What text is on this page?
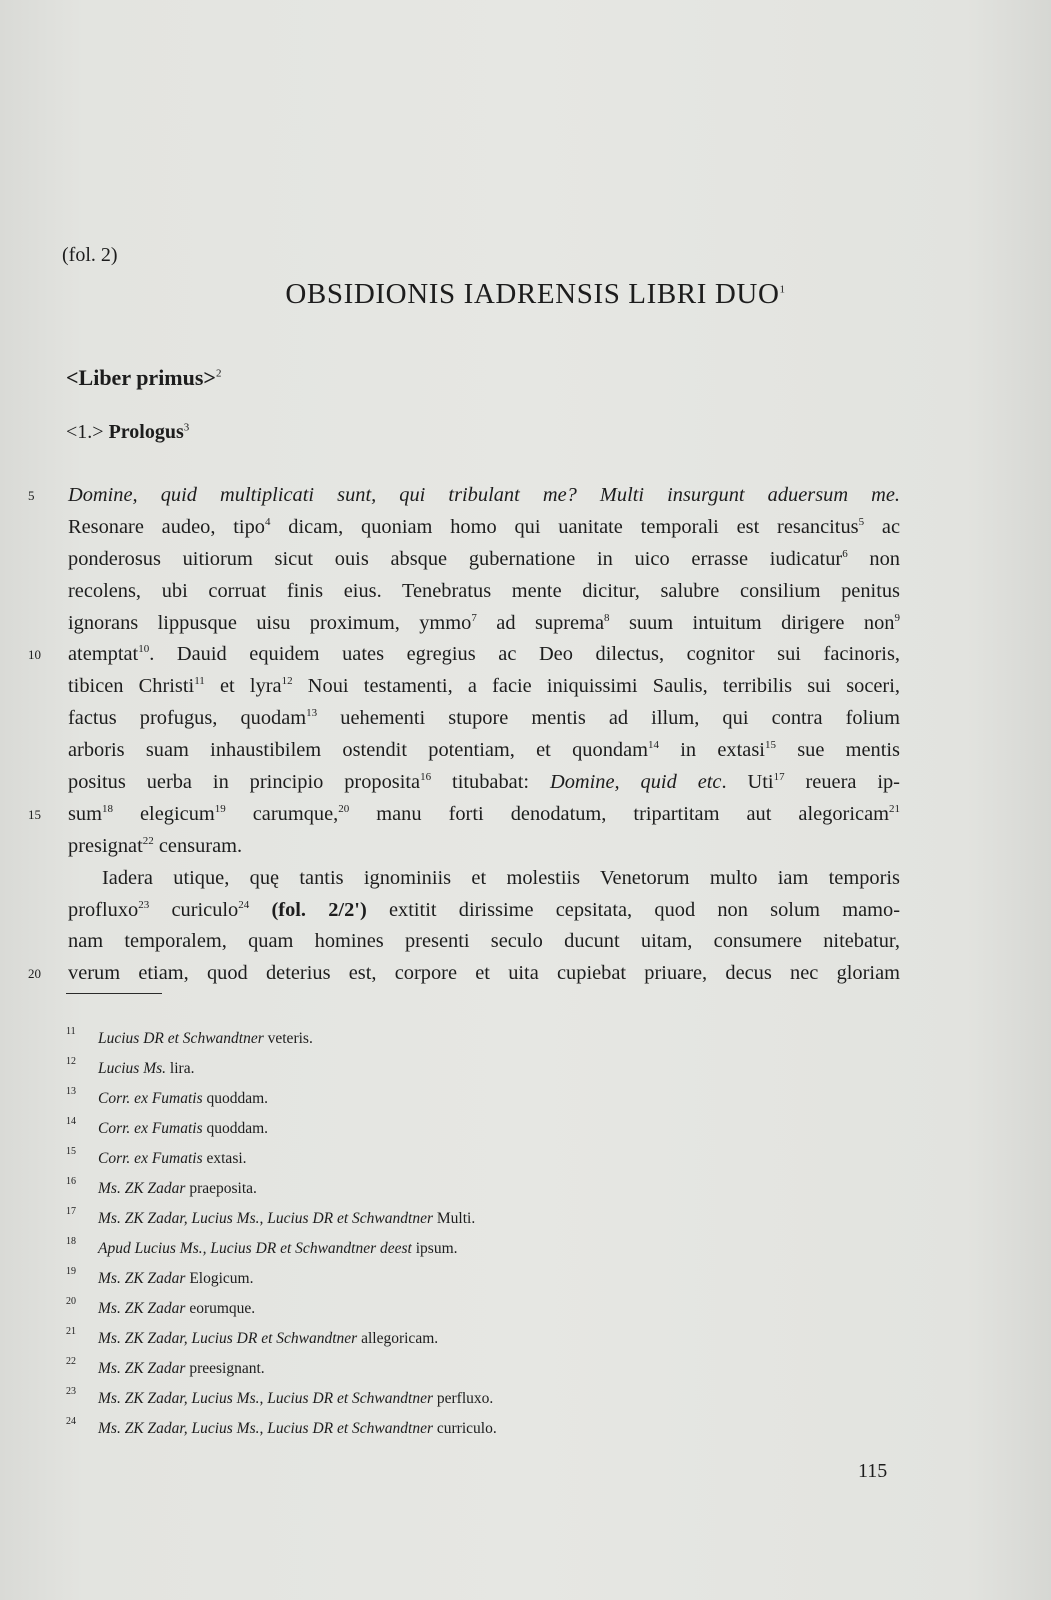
(fol. 2)
OBSIDIONIS IADRENSIS LIBRI $DUO^1$
<Liber primus>$^2$
<1.> Prologus$^3$
5	Domine, quid multiplicati sunt, qui tribulant me? Multi insurgunt aduersum me.
Resonare audeo, tipo$^4$ dicam, quoniam homo qui uanitate temporali est resancitus$^5$ ac
ponderosus uitiorum sicut ouis absque gubernatione in uico errasse iudicatur$^6$ non
recolens, ubi corruat finis eius. Tenebratus mente dicitur, salubre consilium penitus
ignorans lippusque uisu proximum, ymmo$^7$ ad suprema$^8$ suum intuitum dirigere non$^9$
10	atemptat$^{10}$. Dauid equidem uates egregius ac Deo dilectus, cognitor sui facinoris,
tibicen Christi$^{11}$ et lyra$^{12}$ Noui testamenti, a facie iniquissimi Saulis, terribilis sui soceri,
factus profugus, quodam$^{13}$ uehementi stupore mentis ad illum, qui contra folium
arboris suam inhaustibilem ostendit potentiam, et quondam$^{14}$ in extasi$^{15}$ sue mentis
positus uerba in principio proposita$^{16}$ titubabat: Domine, quid etc. Uti$^{17}$ reuera ip-
15	sum$^{18}$ elegicum$^{19}$ carumque,$^{20}$ manu forti denodatum, tripartitam aut alegoricam$^{21}$
presignat$^{22}$ censuram.
Iadera utique, quę tantis ignominiis et molestiis Venetorum multo iam temporis
profluxo$^{23}$ curiculo$^{24}$ (fol. 2/2') extitit dirissime cepsitata, quod non solum mamo-
nam temporalem, quam homines presenti seculo ducunt uitam, consumere nitebatur,
20	verum etiam, quod deterius est, corpore et uita cupiebat priuare, decus nec gloriam
11	Lucius DR et Schwandtner veteris.
12	Lucius Ms. lira.
13	Corr. ex Fumatis quoddam.
14	Corr. ex Fumatis quoddam.
15	Corr. ex Fumatis extasi.
16	Ms. ZK Zadar praeposita.
17	Ms. ZK Zadar, Lucius Ms., Lucius DR et Schwandtner Multi.
18	Apud Lucius Ms., Lucius DR et Schwandtner deest ipsum.
19	Ms. ZK Zadar Elogicum.
20	Ms. ZK Zadar eorumque.
21	Ms. ZK Zadar, Lucius DR et Schwandtner allegoricam.
22	Ms. ZK Zadar preesignant.
23	Ms. ZK Zadar, Lucius Ms., Lucius DR et Schwandtner perfluxo.
24	Ms. ZK Zadar, Lucius Ms., Lucius DR et Schwandtner curriculo.
115
